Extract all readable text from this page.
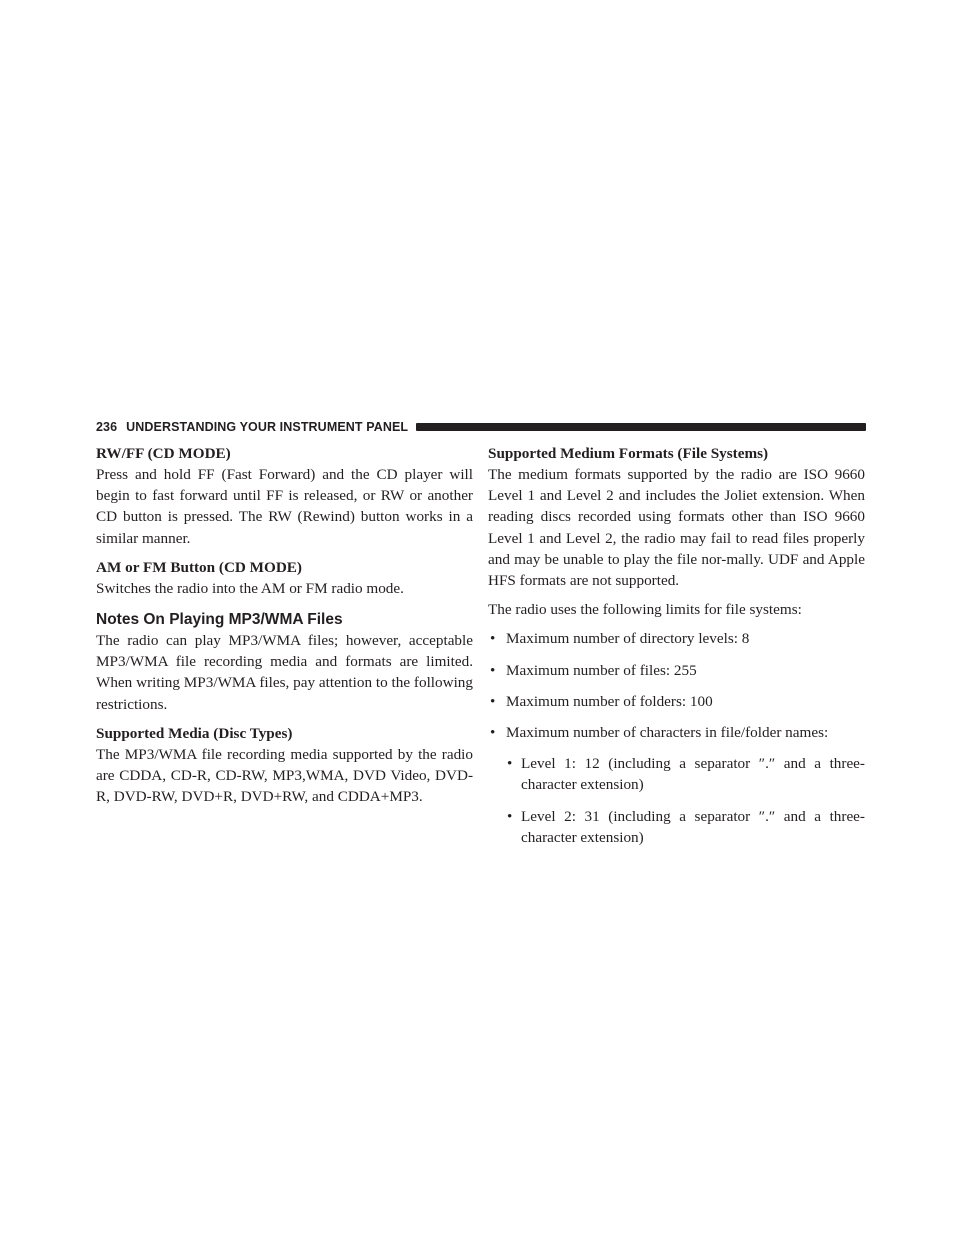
236 UNDERSTANDING YOUR INSTRUMENT PANEL
RW/FF (CD MODE)

Press and hold FF (Fast Forward) and the CD player will begin to fast forward until FF is released, or RW or another CD button is pressed. The RW (Rewind) button works in a similar manner.

AM or FM Button (CD MODE)

Switches the radio into the AM or FM radio mode.

Notes On Playing MP3/WMA Files

The radio can play MP3/WMA files; however, acceptable MP3/WMA file recording media and formats are limited. When writing MP3/WMA files, pay attention to the following restrictions.

Supported Media (Disc Types)

The MP3/WMA file recording media supported by the radio are CDDA, CD-R, CD-RW, MP3,WMA, DVD Video, DVD-R, DVD-RW, DVD+R, DVD+RW, and CDDA+MP3.

Supported Medium Formats (File Systems)

The medium formats supported by the radio are ISO 9660 Level 1 and Level 2 and includes the Joliet extension. When reading discs recorded using formats other than ISO 9660 Level 1 and Level 2, the radio may fail to read files properly and may be unable to play the file nor-mally. UDF and Apple HFS formats are not supported.

The radio uses the following limits for file systems:

• Maximum number of directory levels: 8
• Maximum number of files: 255
• Maximum number of folders: 100
• Maximum number of characters in file/folder names:
• Level 1: 12 (including a separator ″.″ and a three-character extension)
• Level 2: 31 (including a separator ″.″ and a three-character extension)
